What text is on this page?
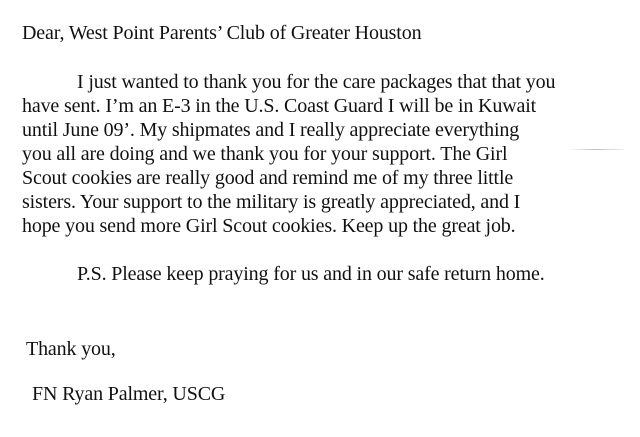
Dear, West Point Parents’ Club of Greater Houston
I just wanted to thank you for the care packages that that you
have sent. I’m an E-3 in the U.S. Coast Guard I will be in Kuwait
until June 09’. My shipmates and I really appreciate everything
you all are doing and we thank you for your support. The Girl
Scout cookies are really good and remind me of my three little
sisters. Your support to the military is greatly appreciated, and I
hope you send more Girl Scout cookies. Keep up the great job.
P.S. Please keep praying for us and in our safe return home.
Thank you,
FN Ryan Palmer, USCG
